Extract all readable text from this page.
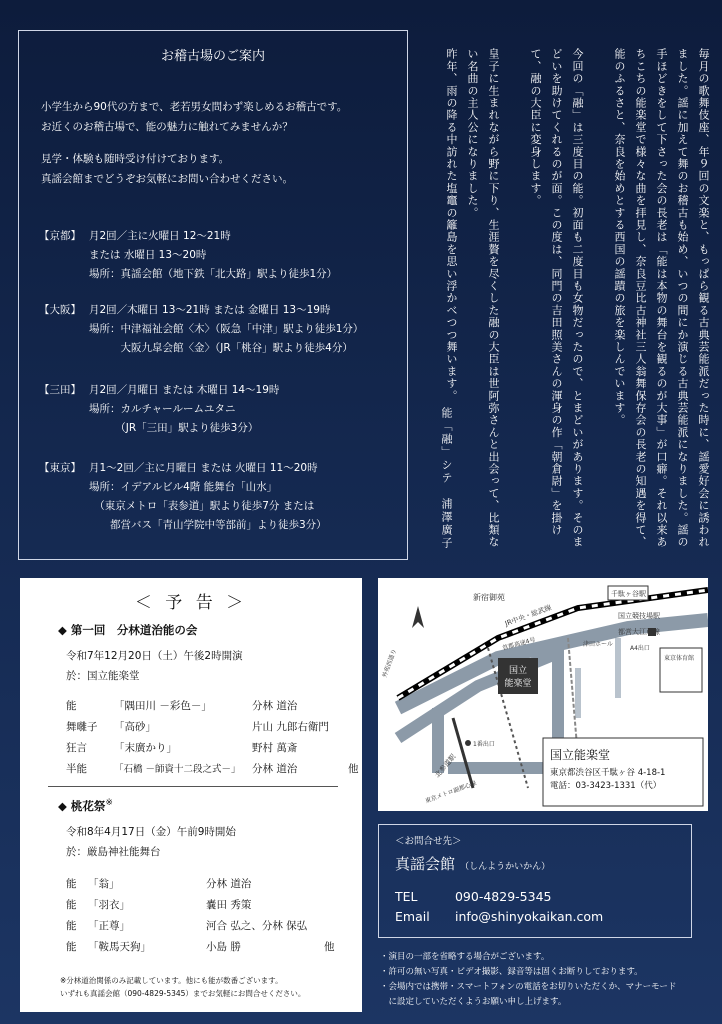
お稽古場のご案内
小学生から90代の方まで、老若男女問わず楽しめるお稽古です。
お近くのお稽古場で、能の魅力に触れてみませんか？
見学・体験も随時受け付けております。
真謡会館までどうぞお気軽にお問い合わせください。
【京都】 月2回／主に火曜日 12～21時
または 水曜日 13～20時
場所：真謡会館（地下鉄「北大路」駅より徒歩1分）
【大阪】 月2回／木曜日 13～21時 または 金曜日 13～19時
場所：中津福祉会館〈木〉（阪急「中津」駅より徒歩1分）
　　　大阪九皐会館〈金〉（JR「桃谷」駅より徒歩4分）
【三田】 月2回／月曜日 または 木曜日 14～19時
場所：カルチャールームユタニ
　　　（JR「三田」駅より徒歩3分）
【東京】 月1～2回／主に月曜日 または 火曜日 11～20時
場所：イデアルビル4階 能舞台「山水」
　（東京メトロ「表参道」駅より徒歩7分 または
　　都営バス「青山学院中等部前」より徒歩3分）	毎月の歌舞伎座、年９回の文楽と、もっぱら観る古典芸能派だった時に、謡愛好会に誘われました。謡に加えて舞のお稽古も始め、いつの間にか演じる古典芸能派になりました。謡の手ほどきをして下さった会の長老は「能は本物の舞台を観るのが大事」が口癖。それ以来あちこちの能楽堂で様々な曲を拝見し、奈良豆比古神社三人翁舞保存会の長老の知遇を得て、能のふるさと、奈良を始めとする西国の謡蹟の旅を楽しんでいます。

今回の「融」は三度目の能。初面も二度目も女物だったので、とまどいがあります。そのまどいを助けてくれるのが面。この度は、同門の吉田照美さんの渾身の作「朝倉尉」を掛けて、融の大臣に変身します。

皇子に生まれながら野に下り、生涯贅を尽くした融の大臣は世阿弥さんと出会って、比類ない名曲の主人公になりました。
昨年、雨の降る中訪れた塩竈の籬島を思い浮かべつつ舞います。
能「融」シテ　浦澤廣子
＜ 予 告 ＞
◆ 第一回　分林道治能の会
令和7年12月20日（土）午後2時開演
於：国立能楽堂
能	「隅田川 －彩色－」	分林 道治
舞囃子 「高砂」	片山 九郎右衛門
狂言	「末廣かり」	野村 萬斎
半能	「石橋 －師資十二段之式－」 分林 道治	他
◆ 桃花祭※
令和8年4月17日（金）午前9時開始
於：厳島神社能舞台
能 「翁」	分林 道治
能 「羽衣」	嚢田 秀策
能 「正尊」	河合 弘之、分林 保弘
能 「鞍馬天狗」	小島 勝	他
※分林道治関係のみ記載しています。他にも能が数番ございます。
いずれも真謡会館（090-4829-5345）までお気軽にお問合せください。
国立
能楽堂
新宿御苑
JR中央・総武線
千駄ヶ谷駅
首都高速4号
国立競技場駅
都営大江戸線
津田ホール
A4出口
東京体育館
外苑西通り
1番出口
北参道駅
東京メトロ副都心線
国立能楽堂
東京都渋谷区千駄ヶ谷 4-18-1
電話：03-3423-1331（代）
＜お問合せ先＞
真謡会館 （しんようかいかん）
TEL	090-4829-5345
Email info@shinyokaikan.com
・演目の一部を省略する場合がございます。
・許可の無い写真・ビデオ撮影、録音等は固くお断りしております。
・会場内では携帯・スマートフォンの電話をお切りいただくか、マナーモード
　に設定していただくようお願い申し上げます。
